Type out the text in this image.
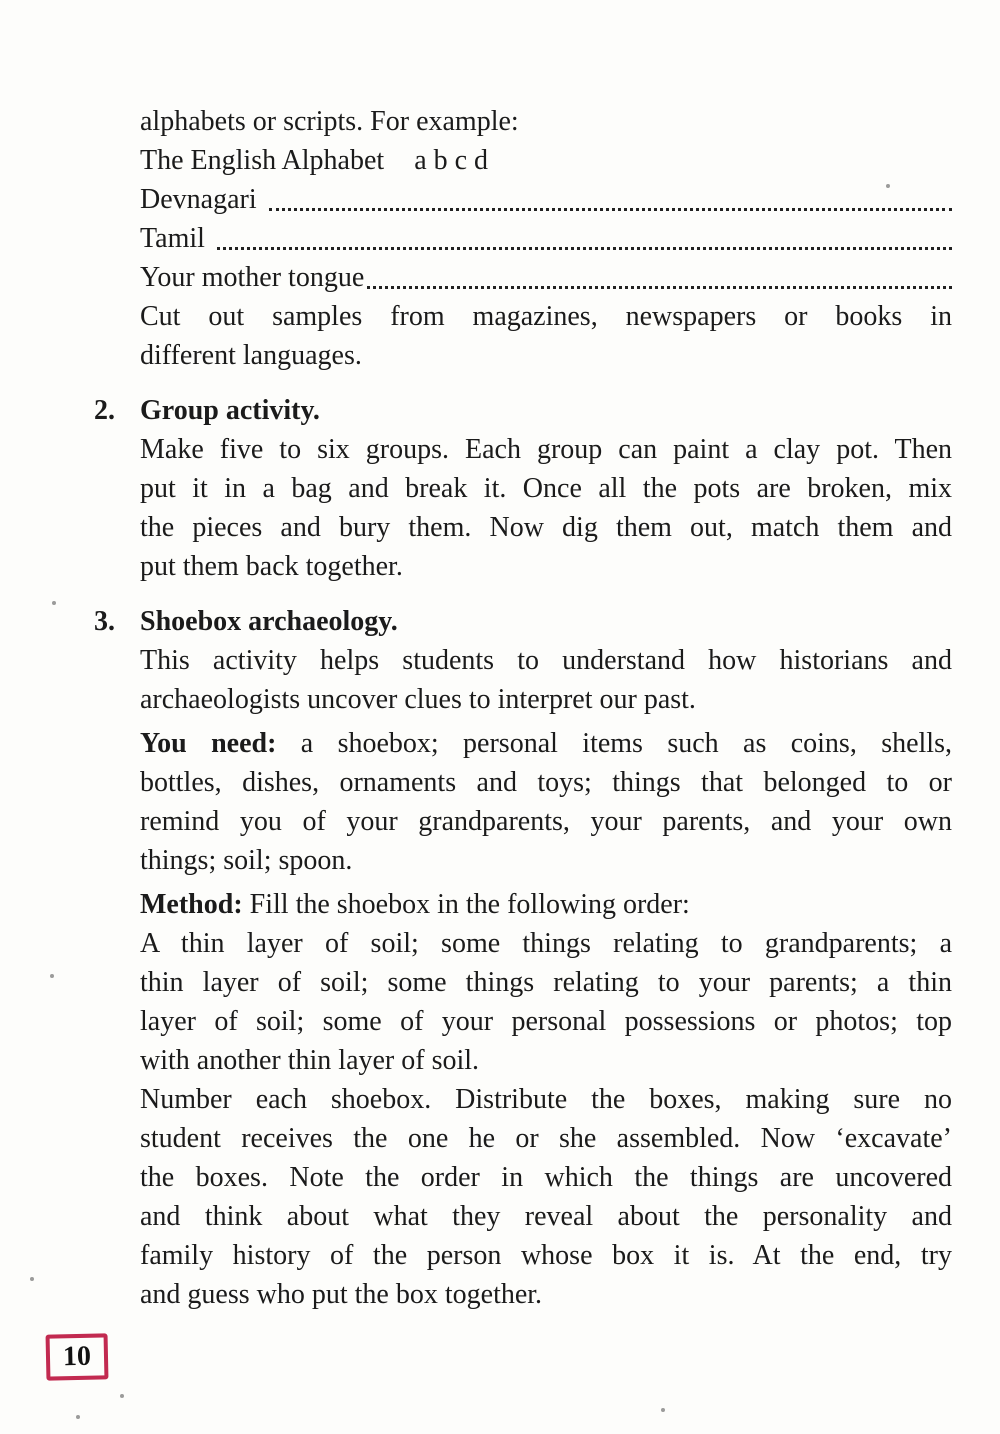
alphabets or scripts. For example:
The English Alphabet a b c d
Devnagari
Tamil
Your mother tongue
Cut out samples from magazines, newspapers or books in
different languages.
2. Group activity.
Make five to six groups. Each group can paint a clay pot. Then
put it in a bag and break it. Once all the pots are broken, mix
the pieces and bury them. Now dig them out, match them and
put them back together.
3. Shoebox archaeology.
This activity helps students to understand how historians and
archaeologists uncover clues to interpret our past.
You need: a shoebox; personal items such as coins, shells,
bottles, dishes, ornaments and toys; things that belonged to or
remind you of your grandparents, your parents, and your own
things; soil; spoon.
Method: Fill the shoebox in the following order:
A thin layer of soil; some things relating to grandparents; a
thin layer of soil; some things relating to your parents; a thin
layer of soil; some of your personal possessions or photos; top
with another thin layer of soil.
Number each shoebox. Distribute the boxes, making sure no
student receives the one he or she assembled. Now ‘excavate’
the boxes. Note the order in which the things are uncovered
and think about what they reveal about the personality and
family history of the person whose box it is. At the end, try
and guess who put the box together.
10
